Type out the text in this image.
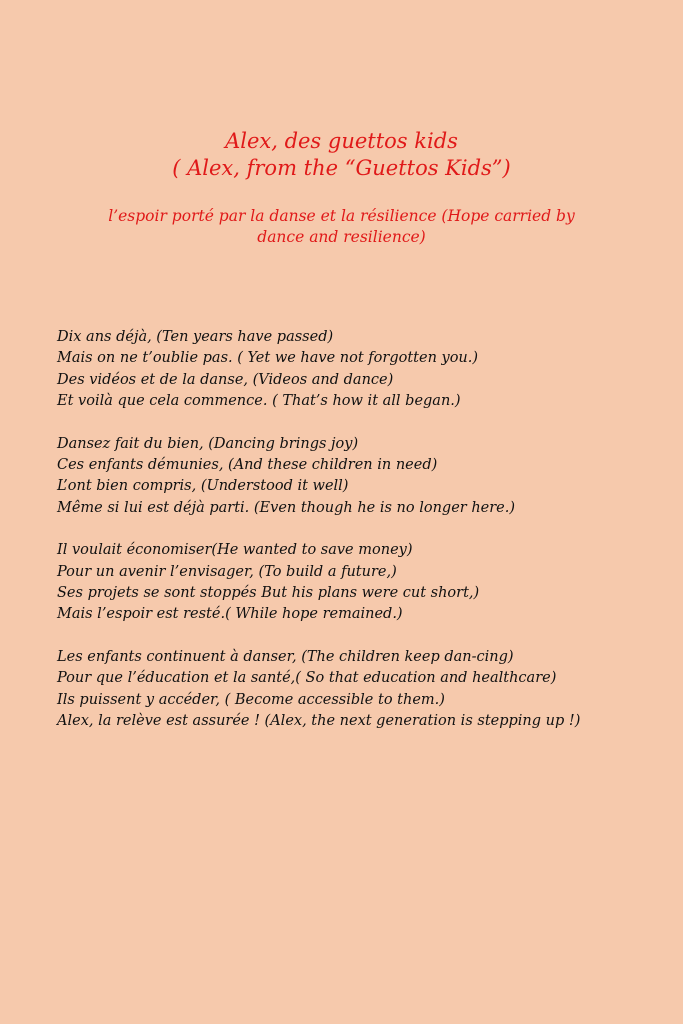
Alex, des guettos kids
( Alex, from the “Guettos Kids”)
l’espoir porté par la danse et la résilience (Hope carried by dance and resilience)
Dix ans déjà, (Ten years have passed)
Mais on ne t’oublie pas. ( Yet we have not forgotten you.)
Des vidéos et de la danse, (Videos and dance)
Et voilà que cela commence. ( That’s how it all began.)
Dansez fait du bien, (Dancing brings joy)
Ces enfants démunies, (And these children in need)
L’ont bien compris, (Understood it well)
Même si lui est déjà parti. (Even though he is no longer here.)
Il voulait économiser(He wanted to save money)
Pour un avenir l’envisager, (To build a future,)
Ses projets se sont stoppés But his plans were cut short,)
Mais l’espoir est resté.( While hope remained.)
Les enfants continuent à danser, (The children keep dan-cing)
Pour que l’éducation et la santé,( So that education and healthcare)
Ils puissent y accéder, ( Become accessible to them.)
Alex, la relève est assurée ! (Alex, the next generation is stepping up !)
